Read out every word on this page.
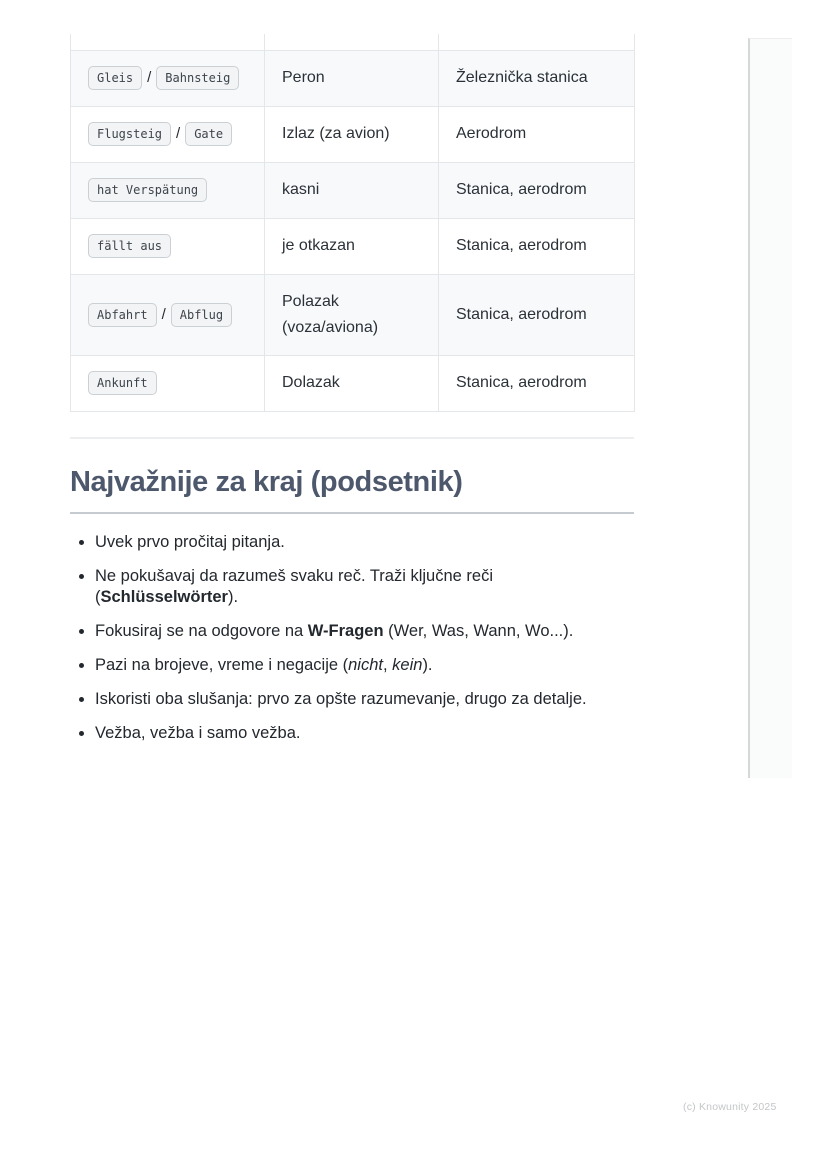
Gleis / Bahnsteig	Peron	Železnička stanica
Flugsteig / Gate	Izlaz (za avion)	Aerodrom
hat Verspätung	kasni	Stanica, aerodrom
fällt aus	je otkazan	Stanica, aerodrom
Abfahrt / Abflug	Polazak (voza/aviona)	Stanica, aerodrom
Ankunft	Dolazak	Stanica, aerodrom
Najvažnije za kraj (podsetnik)
Uvek prvo pročitaj pitanja.
Ne pokušavaj da razumeš svaku reč. Traži ključne reči (Schlüsselwörter).
Fokusiraj se na odgovore na W-Fragen (Wer, Was, Wann, Wo...).
Pazi na brojeve, vreme i negacije (nicht, kein).
Iskoristi oba slušanja: prvo za opšte razumevanje, drugo za detalje.
Vežba, vežba i samo vežba.
(c) Knowunity 2025
